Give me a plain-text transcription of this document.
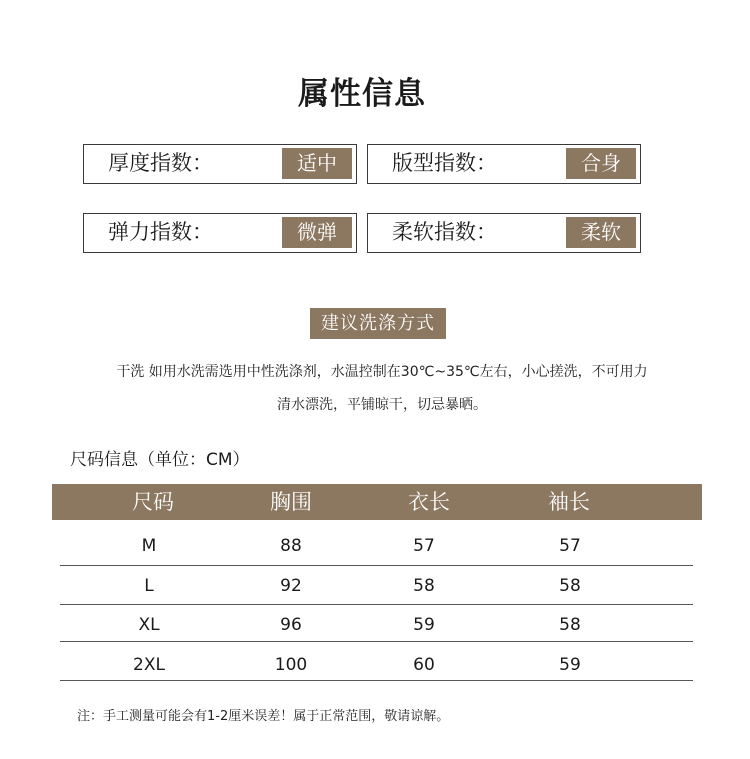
属性信息
厚度指数：	适中	版型指数：	合身
弹力指数：	微弹	柔软指数：	柔软
建议洗涤方式
干洗 如用水洗需选用中性洗涤剂，水温控制在30℃~35℃左右，小心搓洗，不可用力
清水漂洗，平铺晾干，切忌暴晒。
尺码信息（单位：CM）
尺码	胸围	衣长	袖长
M	88	57	57
L	92	58	58
XL	96	59	58
2XL	100	60	59
注：手工测量可能会有1-2厘米误差！属于正常范围，敬请谅解。
